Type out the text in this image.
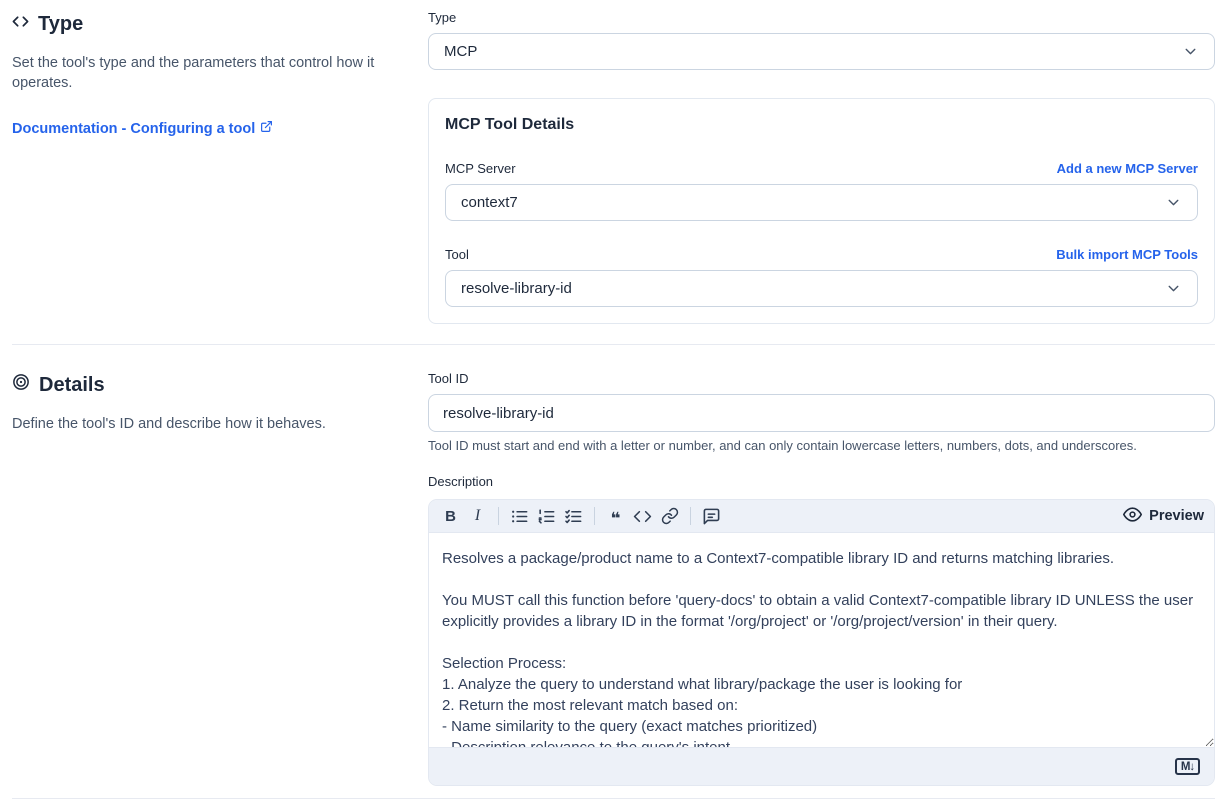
Type

Set the tool's type and the parameters that control how it operates.

Documentation - Configuring a tool
Type
MCP
MCP Tool Details
MCP Server	Add a new MCP Server
context7
Tool	Bulk import MCP Tools
resolve-library-id
Details

Define the tool's ID and describe how it behaves.

Tool ID
resolve-library-id

Tool ID must start and end with a letter or number, and can only contain lowercase letters, numbers, dots, and underscores.

Description
B	I	❝	Preview
Resolves a package/product name to a Context7-compatible library ID and returns matching libraries. You MUST call this function before 'query-docs' to obtain a valid Context7-compatible library ID UNLESS the user explicitly provides a library ID in the format '/org/project' or '/org/project/version' in their query. Selection Process: 1. Analyze the query to understand what library/package the user is looking for 2. Return the most relevant match based on: - Name similarity to the query (exact matches prioritized) - Description relevance to the query's intent
M↓
